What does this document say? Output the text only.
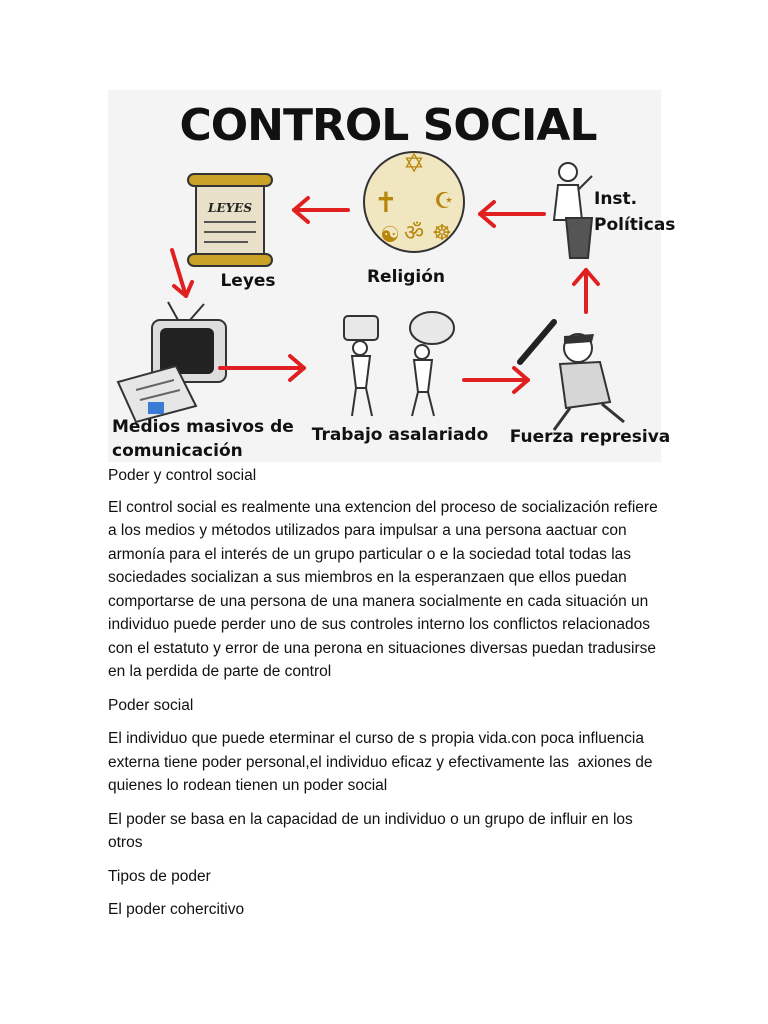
CONTROL SOCIAL
LEYES
Leyes
✡
✝ ☪
☯ ॐ ☸
Religión
Inst.
Políticas
Medios masivos de
comunicación
Trabajo asalariado Fuerza represiva

Poder y control social

El control social es realmente una extencion del proceso de socialización refiere a los medios y métodos utilizados para impulsar a una persona aactuar con armonía para el interés de un grupo particular o e la sociedad total todas las sociedades socializan a sus miembros en la esperanzaen que ellos puedan comportarse de una persona de una manera socialmente en cada situación un individuo puede perder uno de sus controles interno los conflictos relacionados con el estatuto y error de una perona en situaciones diversas puedan tradusirse en la perdida de parte de control

Poder social

El individuo que puede eterminar el curso de s propia vida.con poca influencia externa tiene poder personal,el individuo eficaz y efectivamente las  axiones de quienes lo rodean tienen un poder social

El poder se basa en la capacidad de un individuo o un grupo de influir en los otros

Tipos de poder

El poder cohercitivo
